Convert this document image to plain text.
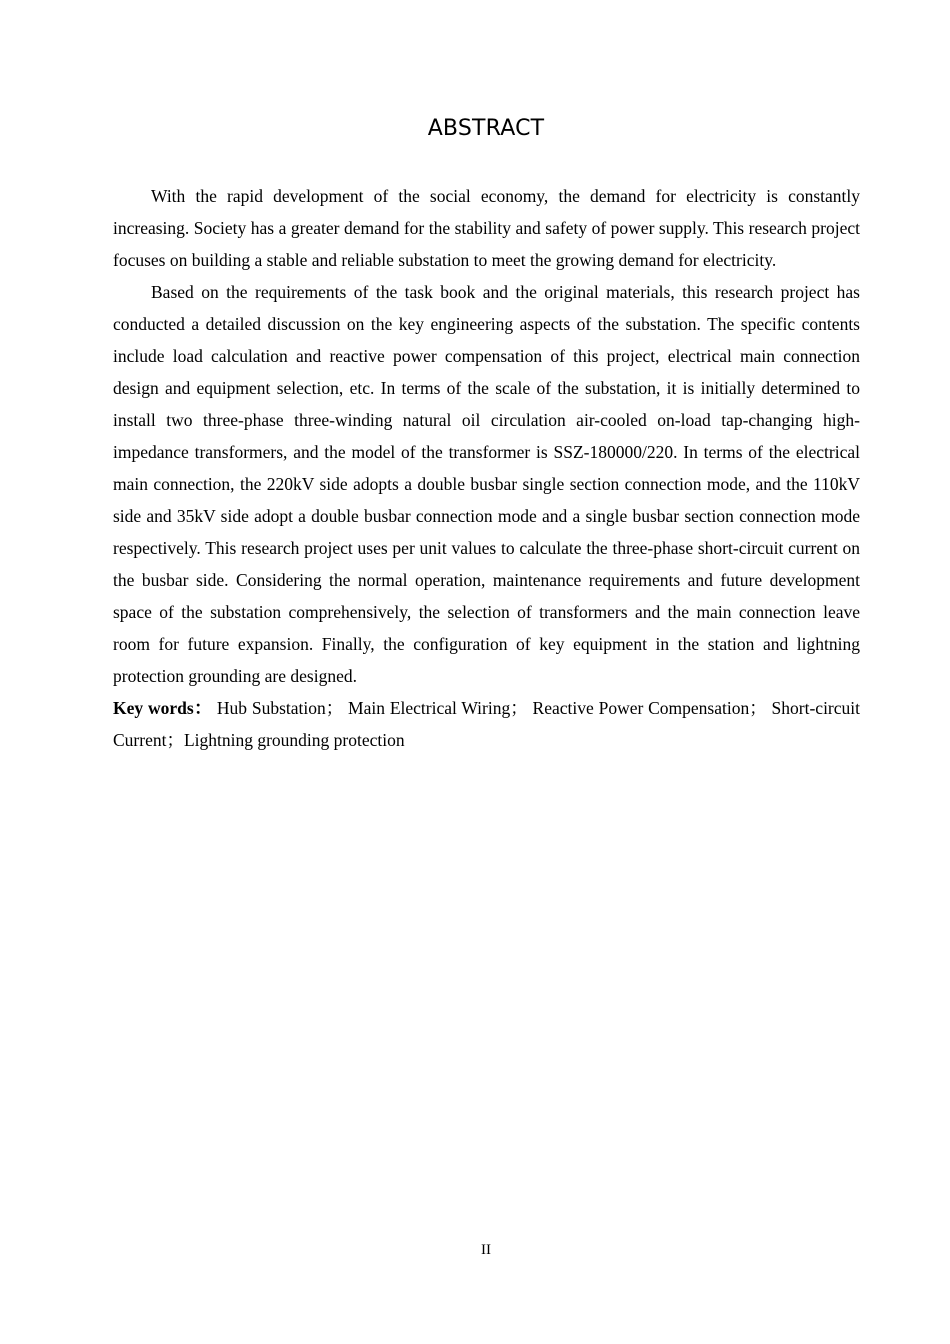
ABSTRACT

With the rapid development of the social economy, the demand for electricity is constantly increasing. Society has a greater demand for the stability and safety of power supply. This research project focuses on building a stable and reliable substation to meet the growing demand for electricity.

Based on the requirements of the task book and the original materials, this research project has conducted a detailed discussion on the key engineering aspects of the substation. The specific contents include load calculation and reactive power compensation of this project, electrical main connection design and equipment selection, etc. In terms of the scale of the substation, it is initially determined to install two three-phase three-winding natural oil circulation air-cooled on-load tap-changing high-impedance transformers, and the model of the transformer is SSZ-180000/220. In terms of the electrical main connection, the 220kV side adopts a double busbar single section connection mode, and the 110kV side and 35kV side adopt a double busbar connection mode and a single busbar section connection mode respectively. This research project uses per unit values to calculate the three-phase short-circuit current on the busbar side. Considering the normal operation, maintenance requirements and future development space of the substation comprehensively, the selection of transformers and the main connection leave room for future expansion. Finally, the configuration of key equipment in the station and lightning protection grounding are designed.

Key words： Hub Substation； Main Electrical Wiring； Reactive Power Compensation； Short-circuit Current；Lightning grounding protection

II
